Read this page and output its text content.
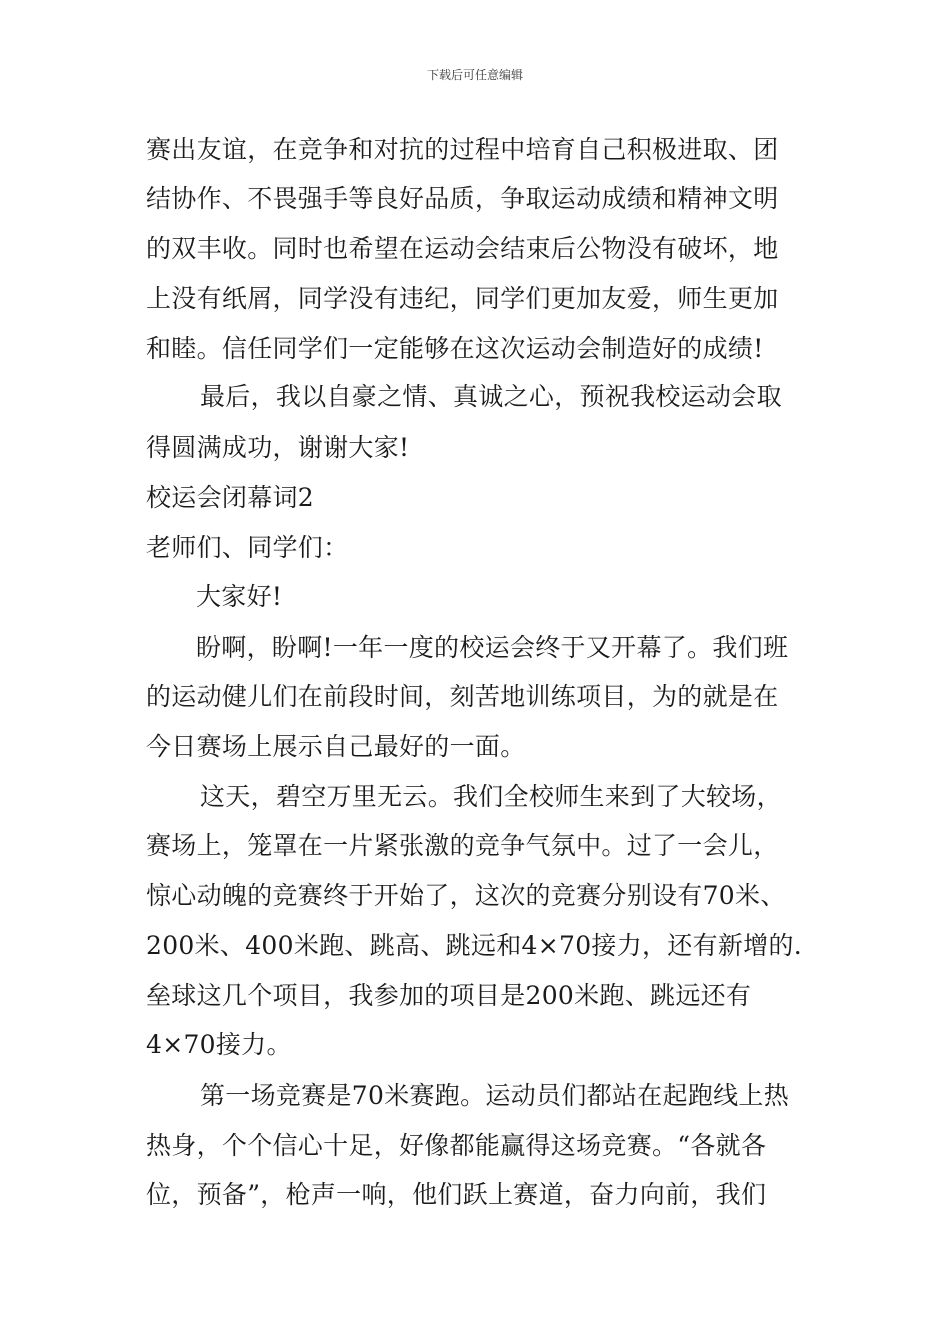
下载后可任意编辑
赛出友谊，在竞争和对抗的过程中培育自己积极进取、团
结协作、不畏强手等良好品质，争取运动成绩和精神文明
的双丰收。同时也希望在运动会结束后公物没有破坏，地
上没有纸屑，同学没有违纪，同学们更加友爱，师生更加
和睦。信任同学们一定能够在这次运动会制造好的成绩!
最后，我以自豪之情、真诚之心，预祝我校运动会取
得圆满成功，谢谢大家!
校运会闭幕词2
老师们、同学们：
大家好!
盼啊，盼啊!一年一度的校运会终于又开幕了。我们班
的运动健儿们在前段时间，刻苦地训练项目，为的就是在
今日赛场上展示自己最好的一面。
这天，碧空万里无云。我们全校师生来到了大较场，
赛场上，笼罩在一片紧张激的竞争气氛中。过了一会儿，
惊心动魄的竞赛终于开始了，这次的竞赛分别设有70米、
200米、400米跑、跳高、跳远和4×70接力，还有新增的.
垒球这几个项目，我参加的项目是200米跑、跳远还有
4×70接力。
第一场竞赛是70米赛跑。运动员们都站在起跑线上热
热身，个个信心十足，好像都能赢得这场竞赛。“各就各
位，预备”，枪声一响，他们跃上赛道，奋力向前，我们
